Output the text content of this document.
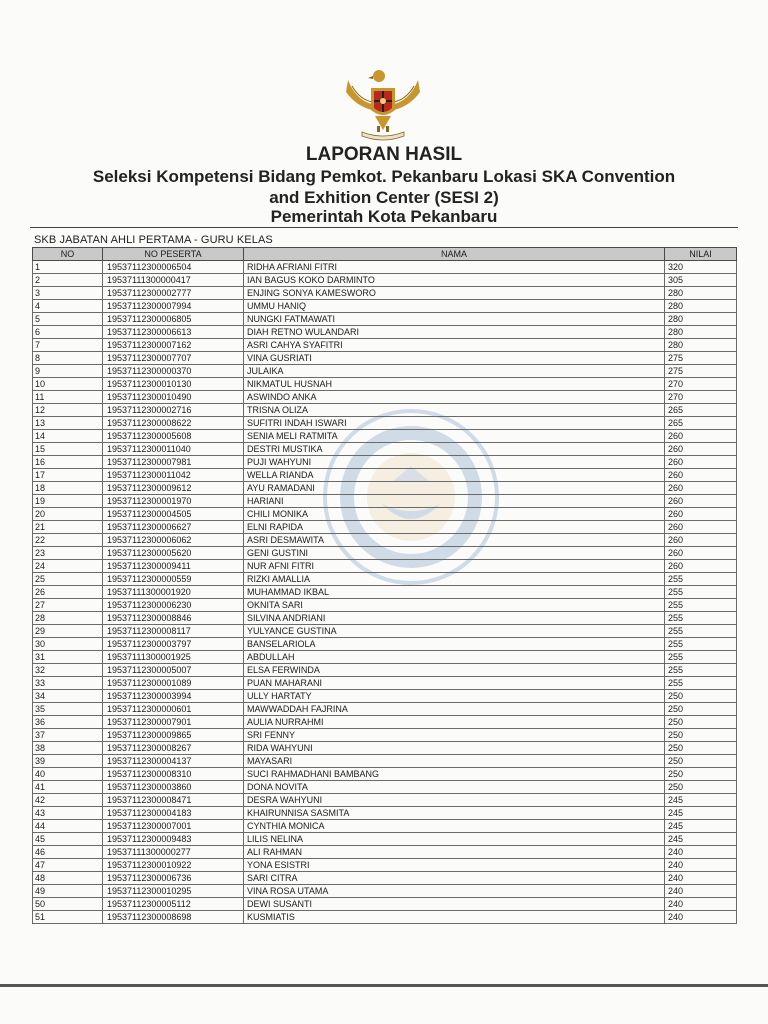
LAPORAN HASIL
Seleksi Kompetensi Bidang Pemkot. Pekanbaru Lokasi SKA Convention
and Exhition Center (SESI 2)
Pemerintah Kota Pekanbaru
SKB JABATAN AHLI PERTAMA - GURU KELAS
NO	NO PESERTA	NAMA	NILAI
1	19537112300006504	RIDHA AFRIANI FITRI	320
2	19537111300000417	IAN BAGUS KOKO DARMINTO	305
3	19537112300002777	ENJING SONYA KAMESWORO	280
4	19537112300007994	UMMU HANIQ	280
5	19537112300006805	NUNGKI FATMAWATI	280
6	19537112300006613	DIAH RETNO WULANDARI	280
7	19537112300007162	ASRI CAHYA SYAFITRI	280
8	19537112300007707	VINA GUSRIATI	275
9	19537112300000370	JULAIKA	275
10	19537112300010130	NIKMATUL HUSNAH	270
11	19537112300010490	ASWINDO ANKA	270
12	19537112300002716	TRISNA OLIZA	265
13	19537112300008622	SUFITRI INDAH ISWARI	265
14	19537112300005608	SENIA MELI RATMITA	260
15	19537112300011040	DESTRI MUSTIKA	260
16	19537112300007981	PUJI WAHYUNI	260
17	19537112300011042	WELLA RIANDA	260
18	19537112300009612	AYU RAMADANI	260
19	19537112300001970	HARIANI	260
20	19537112300004505	CHILI MONIKA	260
21	19537112300006627	ELNI RAPIDA	260
22	19537112300006062	ASRI DESMAWITA	260
23	19537112300005620	GENI GUSTINI	260
24	19537112300009411	NUR AFNI FITRI	260
25	19537112300000559	RIZKI AMALLIA	255
26	19537111300001920	MUHAMMAD IKBAL	255
27	19537112300006230	OKNITA SARI	255
28	19537112300008846	SILVINA ANDRIANI	255
29	19537112300008117	YULYANCE GUSTINA	255
30	19537112300003797	BANSELARIOLA	255
31	19537111300001925	ABDULLAH	255
32	19537112300005007	ELSA FERWINDA	255
33	19537112300001089	PUAN MAHARANI	255
34	19537112300003994	ULLY HARTATY	250
35	19537112300000601	MAWWADDAH FAJRINA	250
36	19537112300007901	AULIA NURRAHMI	250
37	19537112300009865	SRI FENNY	250
38	19537112300008267	RIDA WAHYUNI	250
39	19537112300004137	MAYASARI	250
40	19537112300008310	SUCI RAHMADHANI BAMBANG	250
41	19537112300003860	DONA NOVITA	250
42	19537112300008471	DESRA WAHYUNI	245
43	19537112300004183	KHAIRUNNISA SASMITA	245
44	19537112300007001	CYNTHIA MONICA	245
45	19537112300009483	LILIS NELINA	245
46	19537111300000277	ALI RAHMAN	240
47	19537112300010922	YONA ESISTRI	240
48	19537112300006736	SARI CITRA	240
49	19537112300010295	VINA ROSA UTAMA	240
50	19537112300005112	DEWI SUSANTI	240
51	19537112300008698	KUSMIATIS	240
